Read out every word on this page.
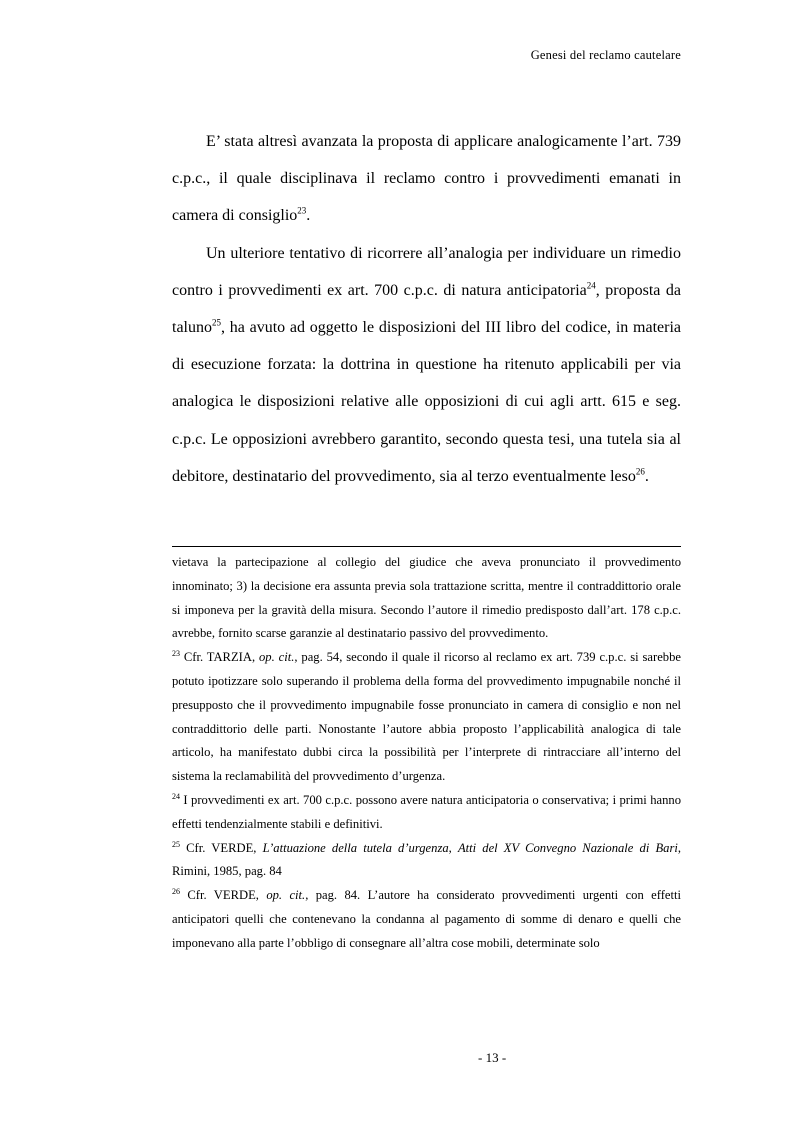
Genesi del reclamo cautelare

E’ stata altresì avanzata la proposta di applicare analogicamente l’art. 739 c.p.c., il quale disciplinava il reclamo contro i provvedimenti emanati in camera di consiglio$^{23}$.

Un ulteriore tentativo di ricorrere all’analogia per individuare un rimedio contro i provvedimenti ex art. 700 c.p.c. di natura anticipatoria$^{24}$, proposta da taluno$^{25}$, ha avuto ad oggetto le disposizioni del III libro del codice, in materia di esecuzione forzata: la dottrina in questione ha ritenuto applicabili per via analogica le disposizioni relative alle opposizioni di cui agli artt. 615 e seg. c.p.c. Le opposizioni avrebbero garantito, secondo questa tesi, una tutela sia al debitore, destinatario del provvedimento, sia al terzo eventualmente leso$^{26}$.

vietava la partecipazione al collegio del giudice che aveva pronunciato il provvedimento innominato; 3) la decisione era assunta previa sola trattazione scritta, mentre il contraddittorio orale si imponeva per la gravità della misura. Secondo l’autore il rimedio predisposto dall’art. 178 c.p.c. avrebbe, fornito scarse garanzie al destinatario passivo del provvedimento.

$^{23}$ Cfr. TARZIA, op. cit., pag. 54, secondo il quale il ricorso al reclamo ex art. 739 c.p.c. si sarebbe potuto ipotizzare solo superando il problema della forma del provvedimento impugnabile nonché il presupposto che il provvedimento impugnabile fosse pronunciato in camera di consiglio e non nel contraddittorio delle parti. Nonostante l’autore abbia proposto l’applicabilità analogica di tale articolo, ha manifestato dubbi circa la possibilità per l’interprete di rintracciare all’interno del sistema la reclamabilità del provvedimento d’urgenza.

$^{24}$ I provvedimenti ex art. 700 c.p.c. possono avere natura anticipatoria o conservativa; i primi hanno effetti tendenzialmente stabili e definitivi.

$^{25}$ Cfr. VERDE, L’attuazione della tutela d’urgenza, Atti del XV Convegno Nazionale di Bari, Rimini, 1985, pag. 84

$^{26}$ Cfr. VERDE, op. cit., pag. 84. L’autore ha considerato provvedimenti urgenti con effetti anticipatori quelli che contenevano la condanna al pagamento di somme di denaro e quelli che imponevano alla parte l’obbligo di consegnare all’altra cose mobili, determinate solo

- 13 -
